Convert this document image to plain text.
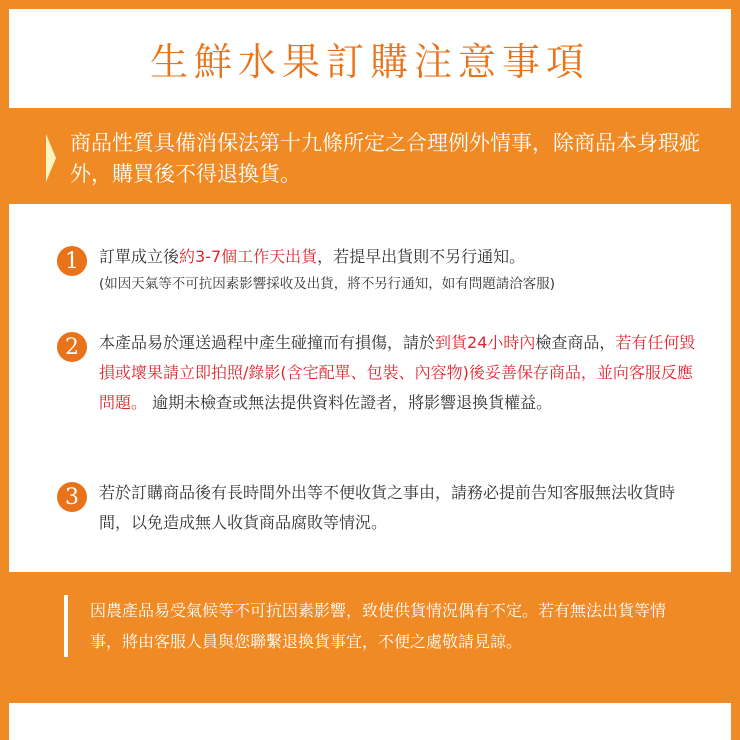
生鮮水果訂購注意事項

商品性質具備消保法第十九條所定之合理例外情事，除商品本身瑕疵外，購買後不得退換貨。

1	訂單成立後約3-7個工作天出貨，若提早出貨則不另行通知。
(如因天氣等不可抗因素影響採收及出貨，將不另行通知，如有問題請洽客服)
2	本產品易於運送過程中產生碰撞而有損傷，請於到貨24小時內檢查商品，若有任何毀損或壞果請立即拍照/錄影(含宅配單、包裝、內容物)後妥善保存商品，並向客服反應問題。 逾期未檢查或無法提供資料佐證者，將影響退換貨權益。
3	若於訂購商品後有長時間外出等不便收貨之事由，請務必提前告知客服無法收貨時間，以免造成無人收貨商品腐敗等情況。

因農產品易受氣候等不可抗因素影響，致使供貨情況偶有不定。若有無法出貨等情事，將由客服人員與您聯繫退換貨事宜，不便之處敬請見諒。
